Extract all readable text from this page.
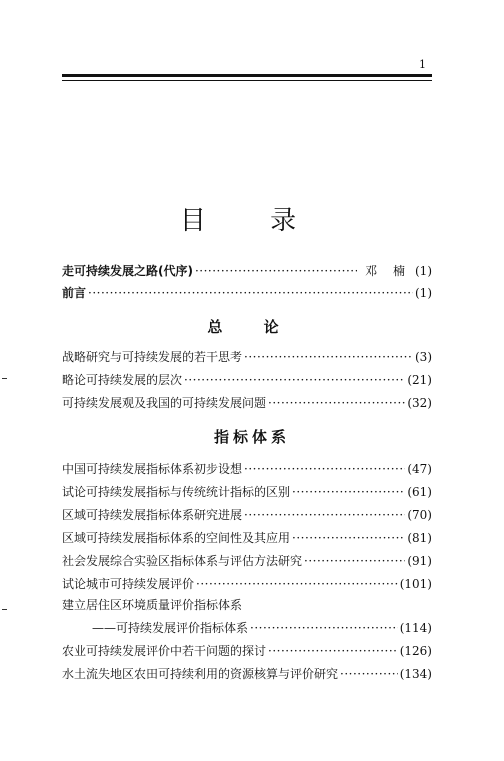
1
目 录
走可持续发展之路(代序) ·····	邓 楠 (1)
前言 ·····	(1)
总 论
战略研究与可持续发展的若干思考 ·····	(3)
略论可持续发展的层次 ·····	(21)
可持续发展观及我国的可持续发展问题 ·····	(32)
指标体系
中国可持续发展指标体系初步设想 ·····	(47)
试论可持续发展指标与传统统计指标的区别 ·····	(61)
区域可持续发展指标体系研究进展 ·····	(70)
区域可持续发展指标体系的空间性及其应用 ·····	(81)
社会发展综合实验区指标体系与评估方法研究 ·····	(91)
试论城市可持续发展评价 ·····	(101)
建立居住区环境质量评价指标体系
——可持续发展评价指标体系 ·····	(114)
农业可持续发展评价中若干问题的探讨 ·····	(126)
水土流失地区农田可持续利用的资源核算与评价研究 ·····	(134)
